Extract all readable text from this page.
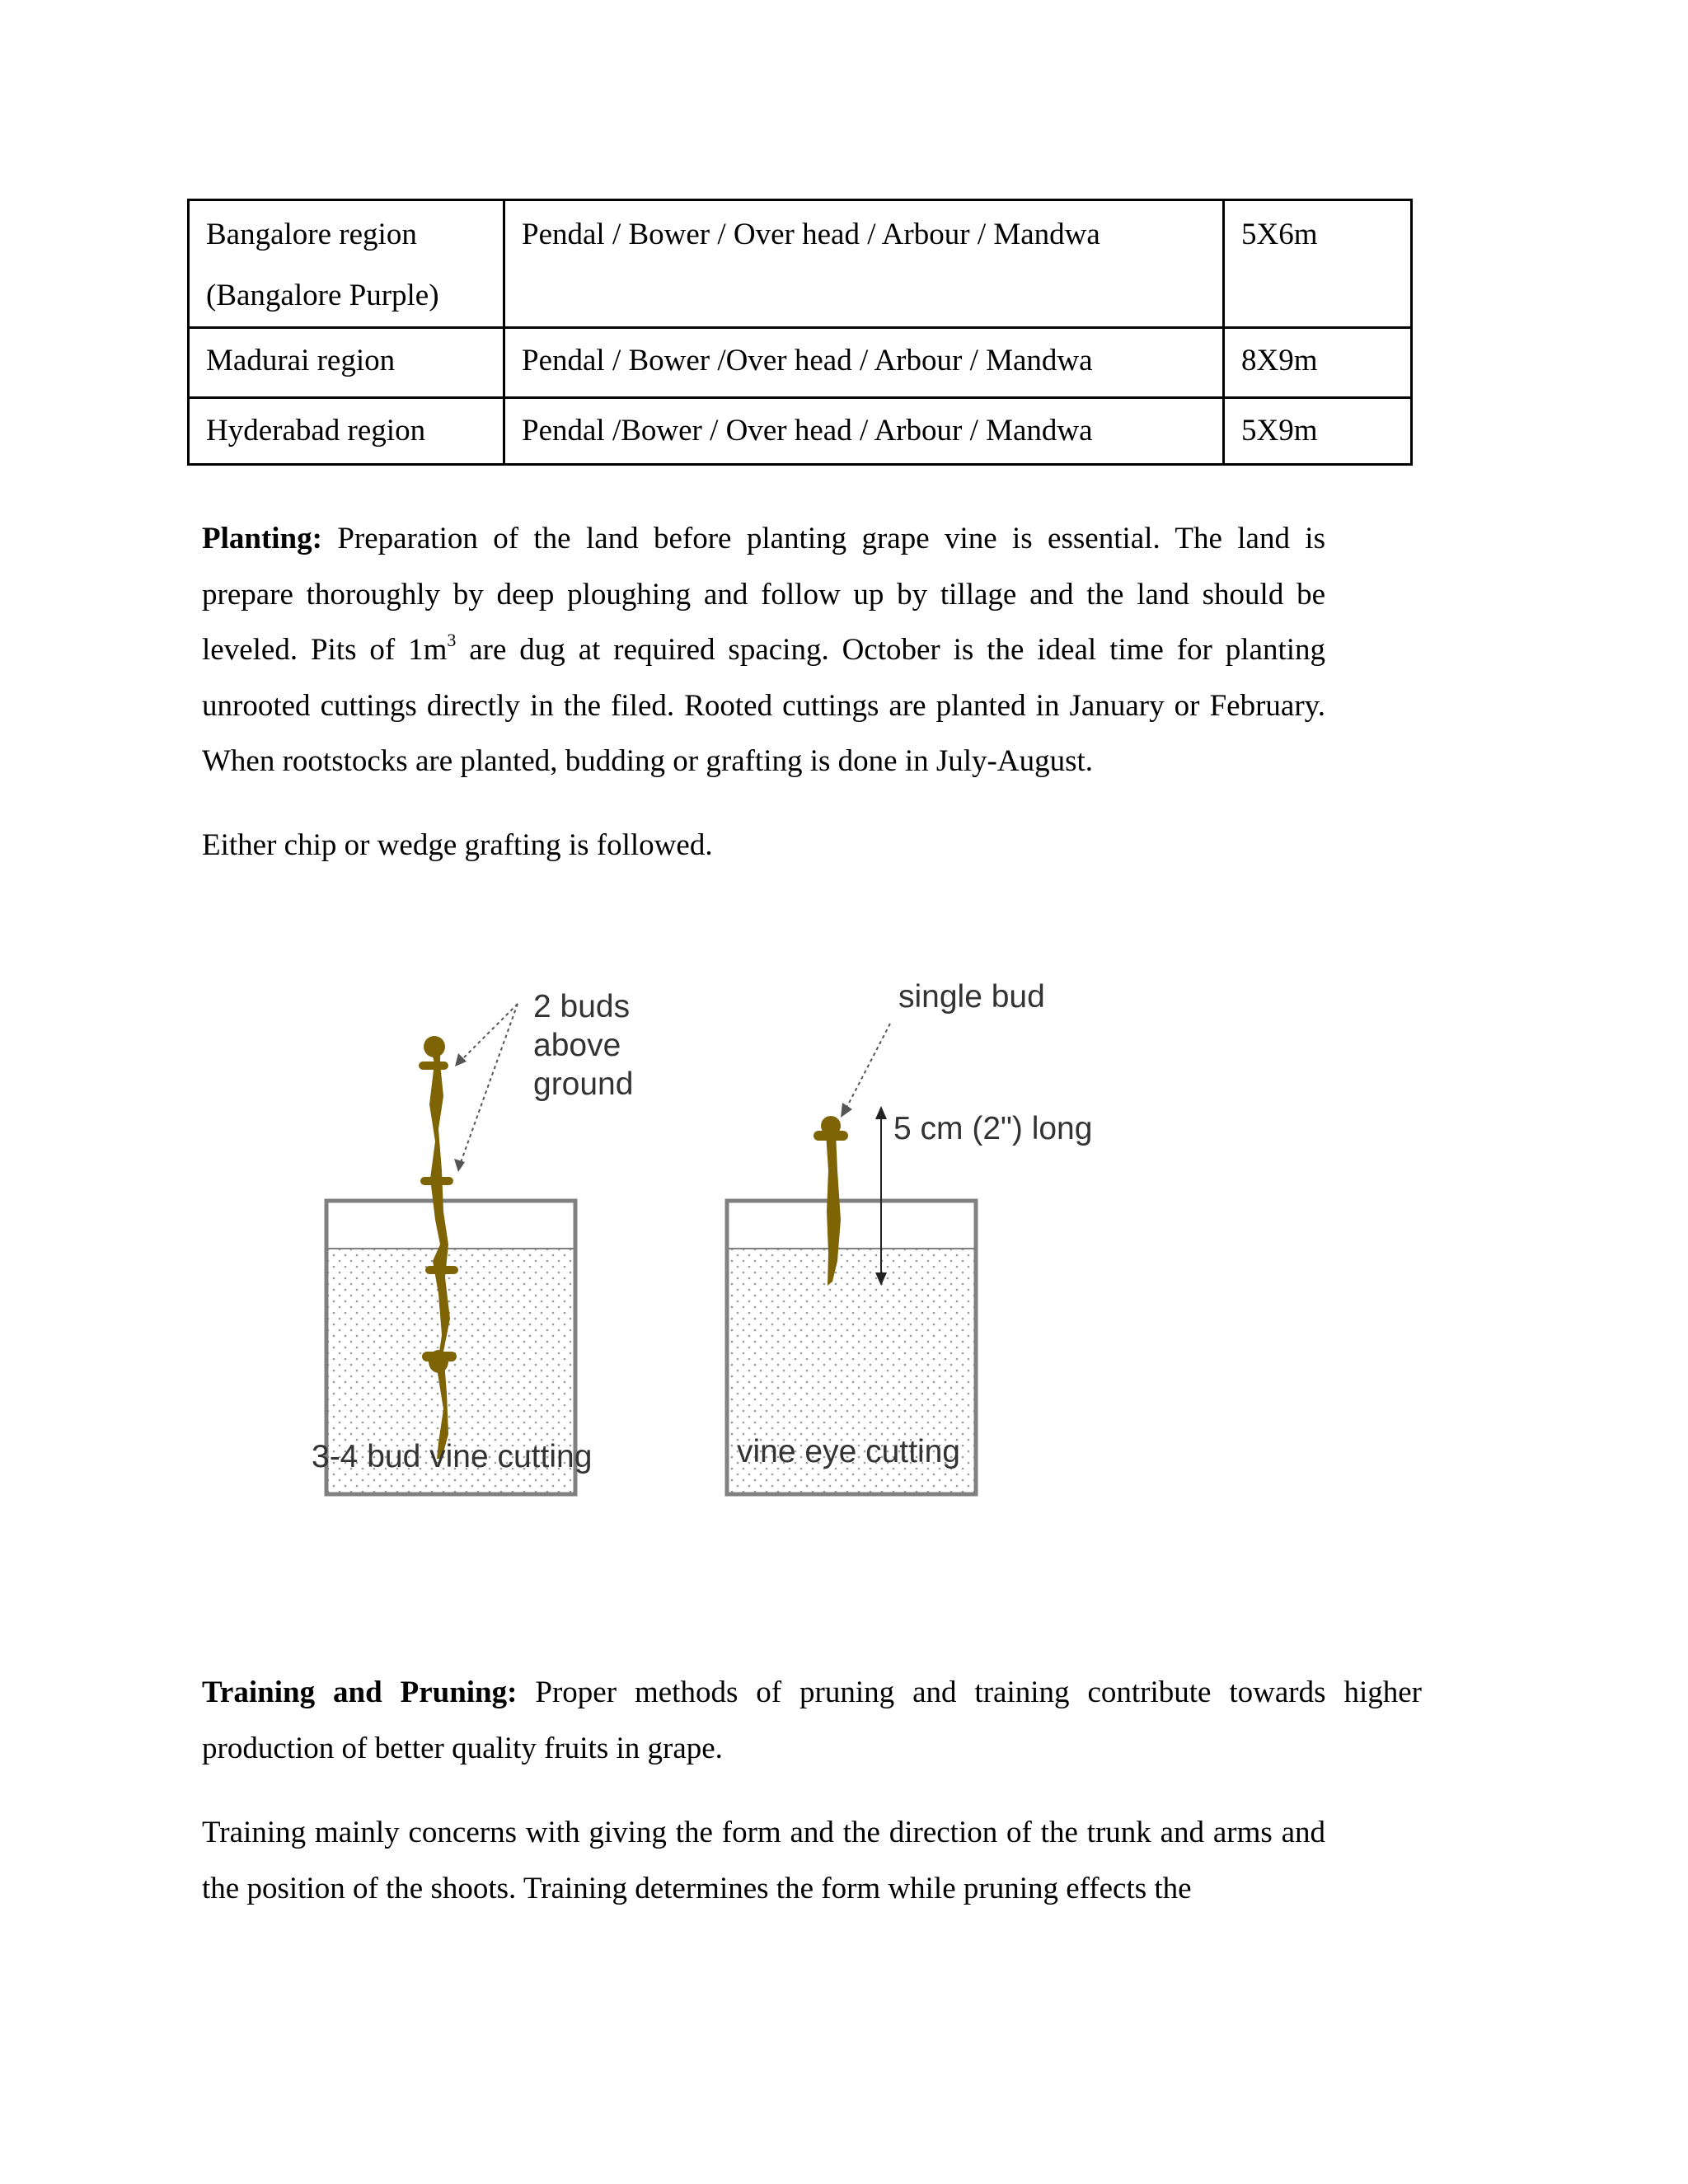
Bangalore region
(Bangalore Purple)	Pendal / Bower / Over head / Arbour / Mandwa	5X6m
Madurai region	Pendal / Bower /Over head / Arbour / Mandwa	8X9m
Hyderabad region	Pendal /Bower / Over head / Arbour / Mandwa	5X9m

Planting: Preparation of the land before planting grape vine is essential. The land is prepare thoroughly by deep ploughing and follow up by tillage and the land should be leveled. Pits of $1m^3$ are dug at required spacing. October is the ideal time for planting unrooted cuttings directly in the filed. Rooted cuttings are planted in January or February. When rootstocks are planted, budding or grafting is done in July-August.

Either chip or wedge grafting is followed.

2 buds
above
ground
single bud
5 cm (2") long
3-4 bud vine cutting	vine eye cutting

Training and Pruning: Proper methods of pruning and training contribute towards higher production of better quality fruits in grape.

Training mainly concerns with giving the form and the direction of the trunk and arms and the position of the shoots. Training determines the form while pruning effects the
